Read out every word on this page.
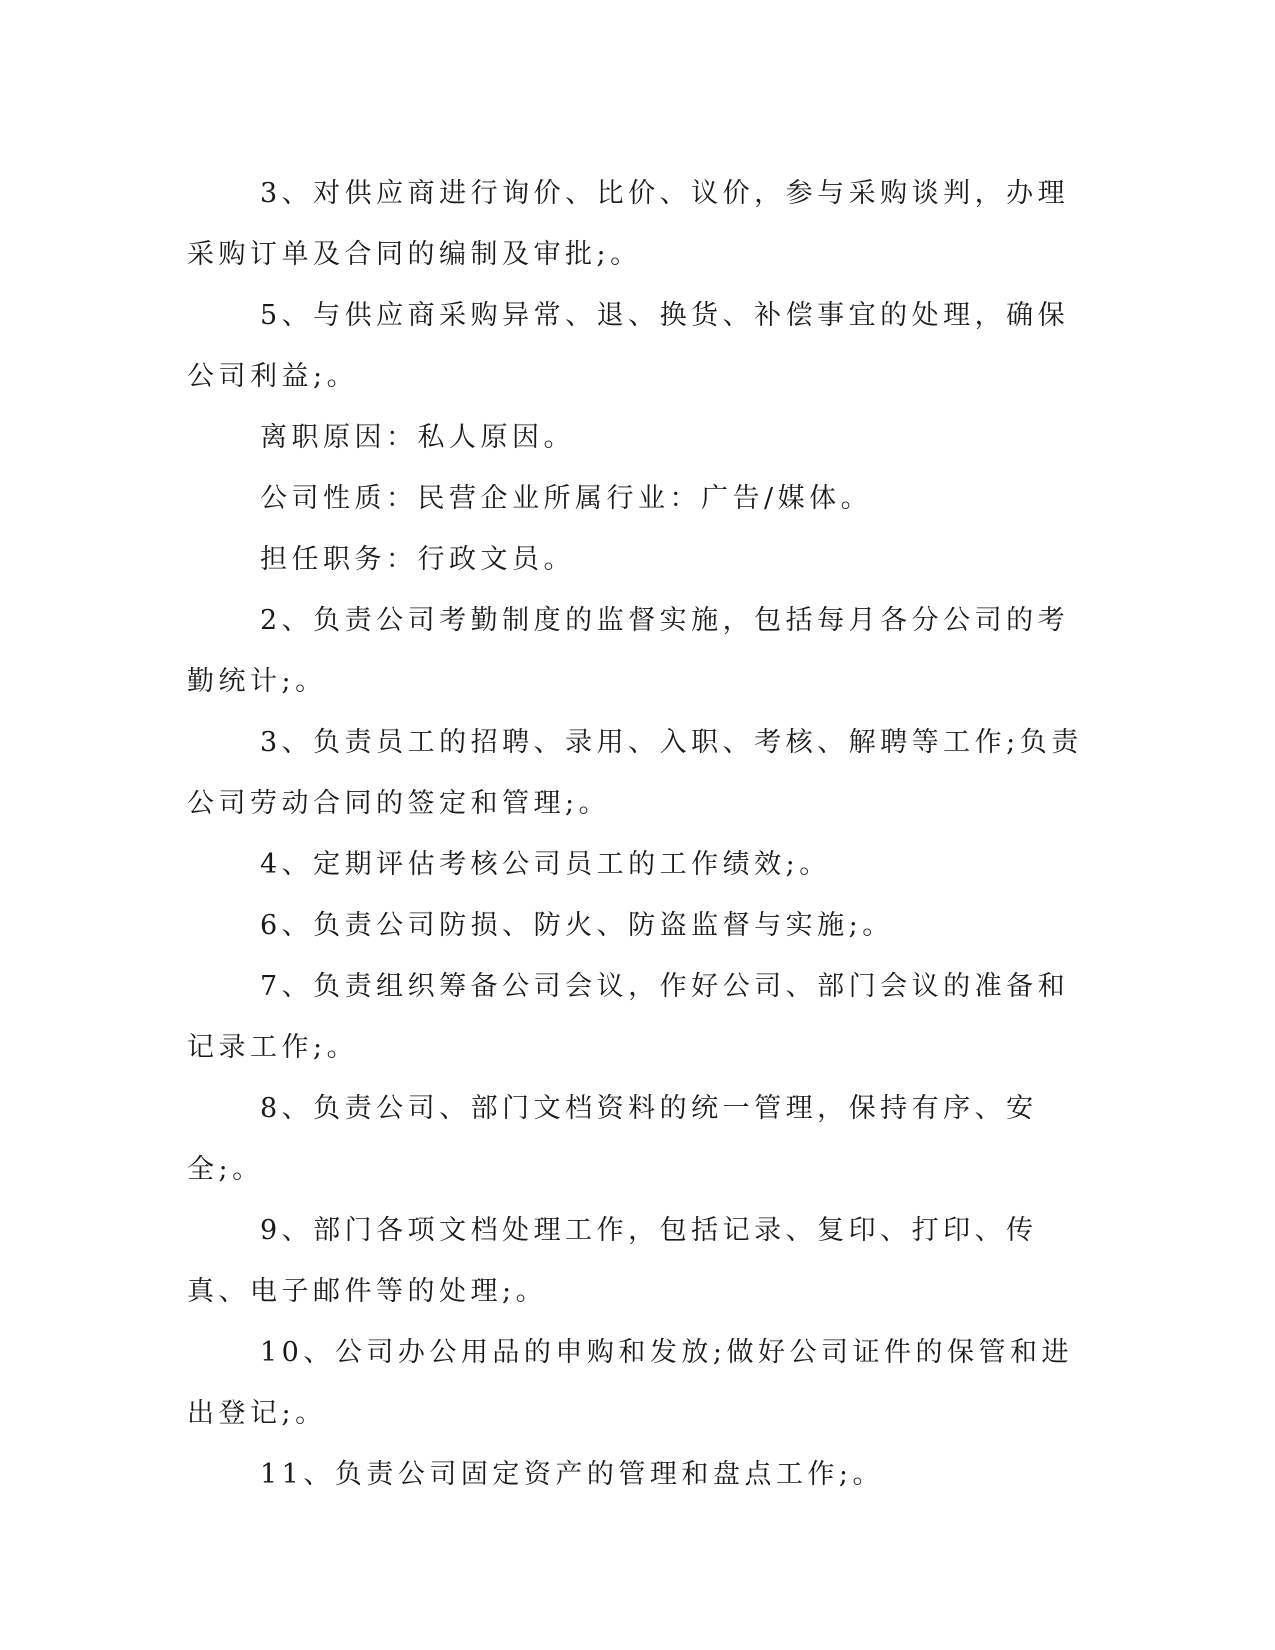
3、对供应商进行询价、比价、议价，参与采购谈判，办理采购订单及合同的编制及审批;。

5、与供应商采购异常、退、换货、补偿事宜的处理，确保公司利益;。

离职原因：私人原因。

公司性质：民营企业所属行业：广告/媒体。

担任职务：行政文员。

2、负责公司考勤制度的监督实施，包括每月各分公司的考勤统计;。

3、负责员工的招聘、录用、入职、考核、解聘等工作;负责公司劳动合同的签定和管理;。

4、定期评估考核公司员工的工作绩效;。

6、负责公司防损、防火、防盗监督与实施;。

7、负责组织筹备公司会议，作好公司、部门会议的准备和记录工作;。

8、负责公司、部门文档资料的统一管理，保持有序、安全;。

9、部门各项文档处理工作，包括记录、复印、打印、传真、电子邮件等的处理;。

10、公司办公用品的申购和发放;做好公司证件的保管和进出登记;。

11、负责公司固定资产的管理和盘点工作;。
